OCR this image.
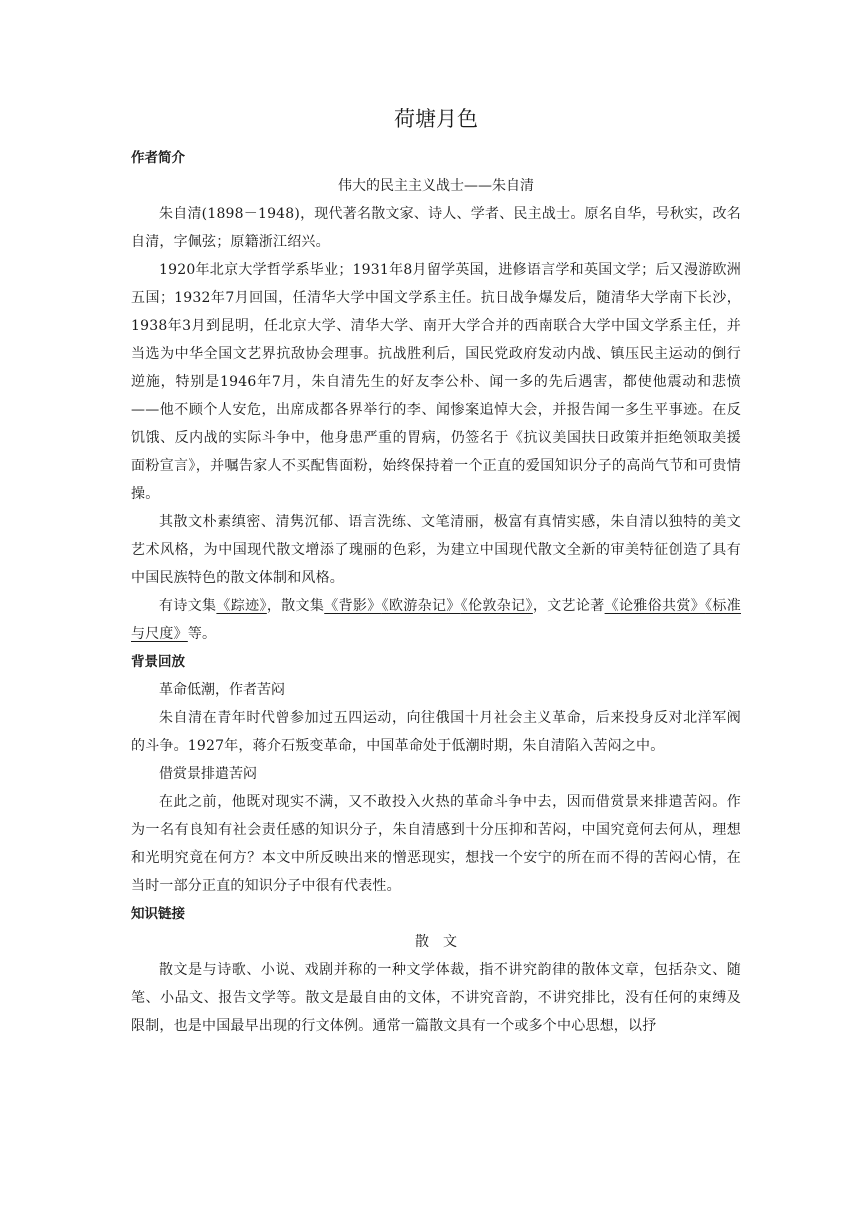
荷塘月色

作者简介

伟大的民主主义战士——朱自清

朱自清(1898－1948)，现代著名散文家、诗人、学者、民主战士。原名自华，号秋实，改名自清，字佩弦；原籍浙江绍兴。

1920年北京大学哲学系毕业；1931年8月留学英国，进修语言学和英国文学；后又漫游欧洲五国；1932年7月回国，任清华大学中国文学系主任。抗日战争爆发后，随清华大学南下长沙，1938年3月到昆明，任北京大学、清华大学、南开大学合并的西南联合大学中国文学系主任，并当选为中华全国文艺界抗敌协会理事。抗战胜利后，国民党政府发动内战、镇压民主运动的倒行逆施，特别是1946年7月，朱自清先生的好友李公朴、闻一多的先后遇害，都使他震动和悲愤——他不顾个人安危，出席成都各界举行的李、闻惨案追悼大会，并报告闻一多生平事迹。在反饥饿、反内战的实际斗争中，他身患严重的胃病，仍签名于《抗议美国扶日政策并拒绝领取美援面粉宣言》，并嘱告家人不买配售面粉，始终保持着一个正直的爱国知识分子的高尚气节和可贵情操。

其散文朴素缜密、清隽沉郁、语言洗练、文笔清丽，极富有真情实感，朱自清以独特的美文艺术风格，为中国现代散文增添了瑰丽的色彩，为建立中国现代散文全新的审美特征创造了具有中国民族特色的散文体制和风格。

有诗文集《踪迹》，散文集《背影》《欧游杂记》《伦敦杂记》，文艺论著《论雅俗共赏》《标准与尺度》等。

背景回放

革命低潮，作者苦闷

朱自清在青年时代曾参加过五四运动，向往俄国十月社会主义革命，后来投身反对北洋军阀的斗争。1927年，蒋介石叛变革命，中国革命处于低潮时期，朱自清陷入苦闷之中。

借赏景排遣苦闷

在此之前，他既对现实不满，又不敢投入火热的革命斗争中去，因而借赏景来排遣苦闷。作为一名有良知有社会责任感的知识分子，朱自清感到十分压抑和苦闷，中国究竟何去何从，理想和光明究竟在何方？本文中所反映出来的憎恶现实，想找一个安宁的所在而不得的苦闷心情，在当时一部分正直的知识分子中很有代表性。

知识链接

散　文

散文是与诗歌、小说、戏剧并称的一种文学体裁，指不讲究韵律的散体文章，包括杂文、随笔、小品文、报告文学等。散文是最自由的文体，不讲究音韵，不讲究排比，没有任何的束缚及限制，也是中国最早出现的行文体例。通常一篇散文具有一个或多个中心思想，以抒
